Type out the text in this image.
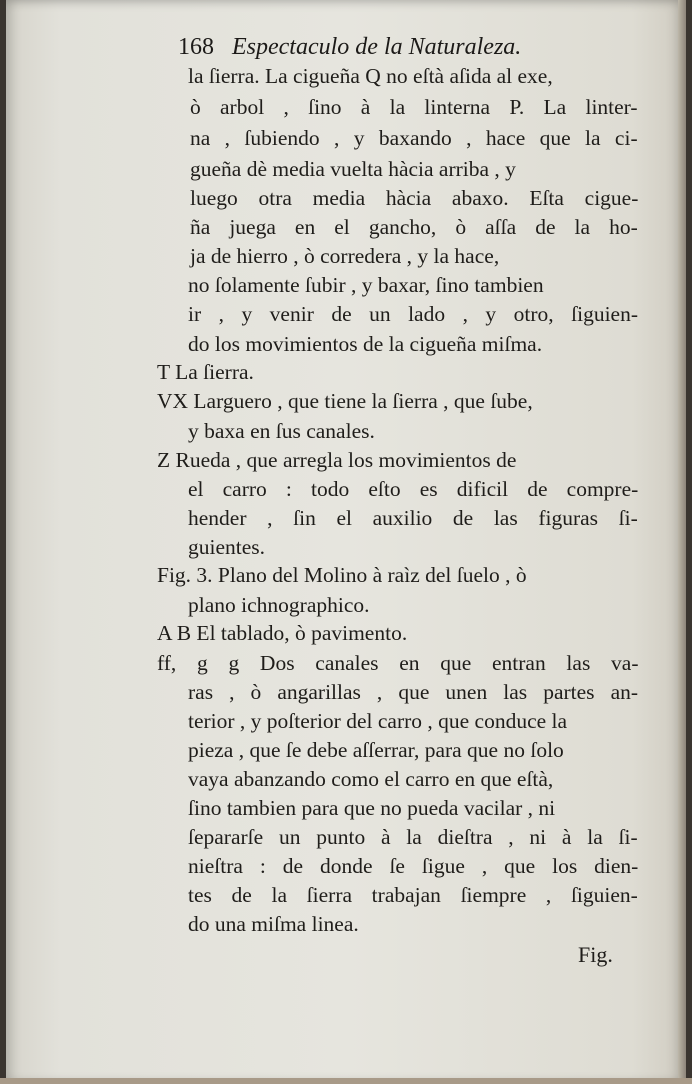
168 Espectaculo de la Naturaleza.
la ſierra. La cigueña Q no eſtà aſida al exe,
ò arbol , ſino à la linterna P. La linter-
na , ſubiendo , y baxando , hace que la ci-
gueña dè media vuelta hàcia arriba , y
luego otra media hàcia abaxo. Eſta cigue-
ña juega en el gancho, ò aſſa de la ho-
ja de hierro , ò corredera , y la hace,
no ſolamente ſubir , y baxar, ſino tambien
ir , y venir de un lado , y otro, ſiguien-
do los movimientos de la cigueña miſma.
T La ſierra.
VX Larguero , que tiene la ſierra , que ſube,
y baxa en ſus canales.
Z Rueda , que arregla los movimientos de
el carro : todo eſto es dificil de compre-
hender , ſin el auxilio de las figuras ſi-
guientes.
Fig. 3. Plano del Molino à raìz del ſuelo , ò
plano ichnographico.
A B El tablado, ò pavimento.
ff, g g Dos canales en que entran las va-
ras , ò angarillas , que unen las partes an-
terior , y poſterior del carro , que conduce la
pieza , que ſe debe aſſerrar, para que no ſolo
vaya abanzando como el carro en que eſtà,
ſino tambien para que no pueda vacilar , ni
ſepararſe un punto à la dieſtra , ni à la ſi-
nieſtra : de donde ſe ſigue , que los dien-
tes de la ſierra trabajan ſiempre , ſiguien-
do una miſma linea.
Fig.
